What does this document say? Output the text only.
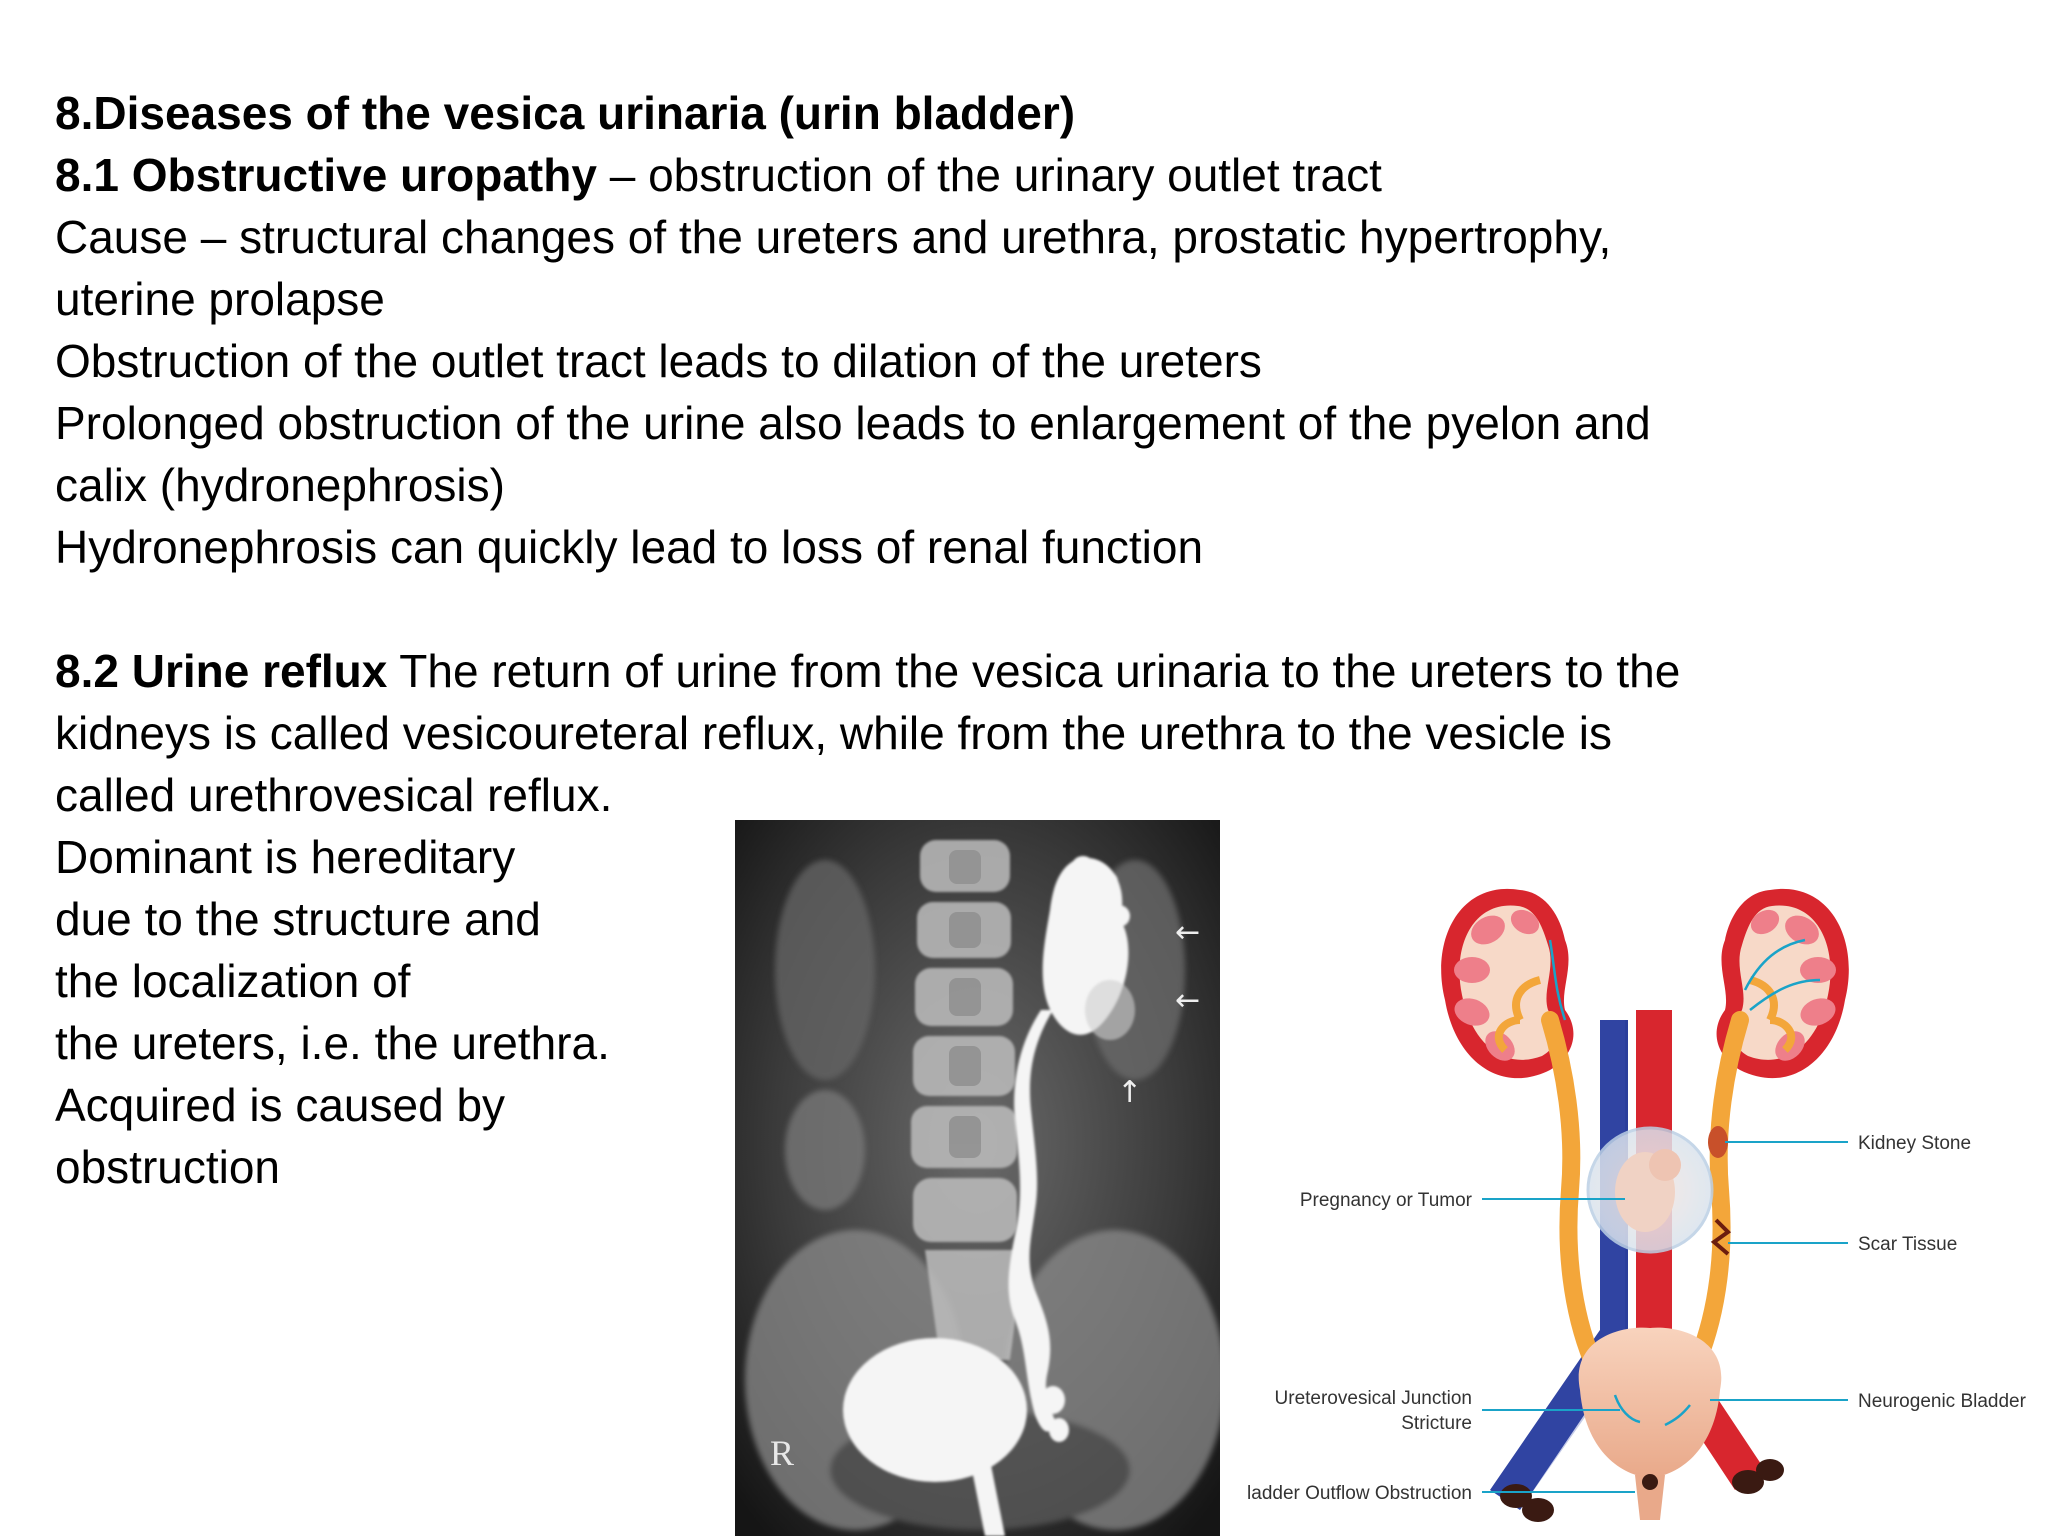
8.Diseases of the vesica urinaria (urin bladder)

8.1 Obstructive uropathy – obstruction of the urinary outlet tract

Cause – structural changes of the ureters and urethra, prostatic hypertrophy,

uterine prolapse

Obstruction of the outlet tract leads to dilation of the ureters

Prolonged obstruction of the urine also leads to enlargement of the pyelon and

calix (hydronephrosis)

Hydronephrosis can quickly lead to loss of renal function

8.2 Urine reflux The return of urine from the vesica urinaria to the ureters to the

kidneys is called vesicoureteral reflux, while from the urethra to the vesicle is

called urethrovesical reflux.

Dominant is hereditary

due to the structure and

the localization of

the ureters, i.e. the urethra.

Acquired is caused by

obstruction

R
←
←
↑
Kidney Stone
Pregnancy or Tumor
Scar Tissue
Ureterovesical Junction
Stricture
Neurogenic Bladder
ladder Outflow Obstruction
